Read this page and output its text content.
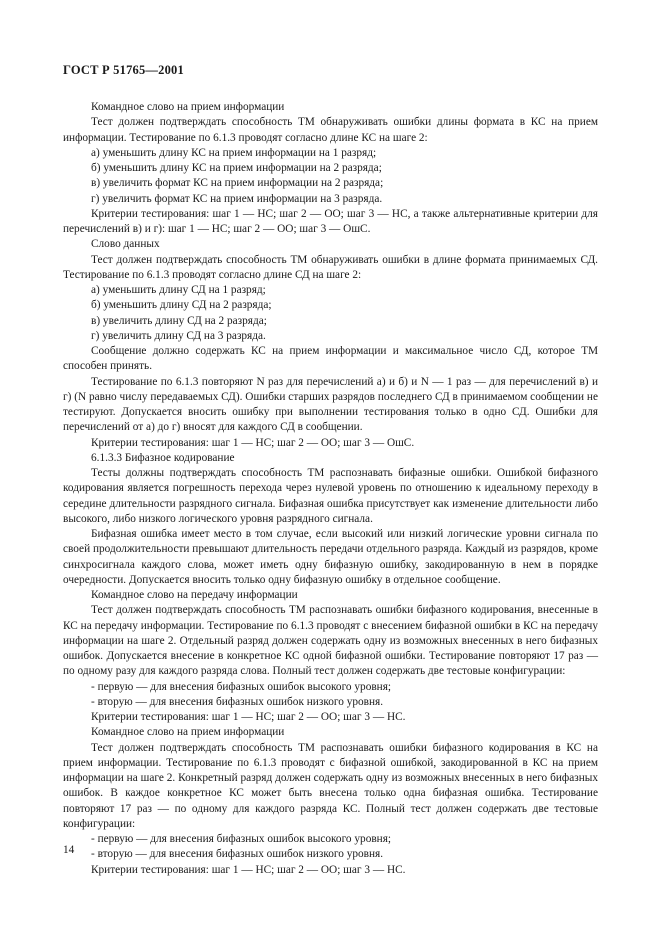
ГОСТ Р 51765—2001

Командное слово на прием информации

Тест должен подтверждать способность ТМ обнаруживать ошибки длины формата в КС на прием информации. Тестирование по 6.1.3 проводят согласно длине КС на шаге 2:

а) уменьшить длину КС на прием информации на 1 разряд;

б) уменьшить длину КС на прием информации на 2 разряда;

в) увеличить формат КС на прием информации на 2 разряда;

г) увеличить формат КС на прием информации на 3 разряда.

Критерии тестирования: шаг 1 — НС; шаг 2 — ОО; шаг 3 — НС, а также альтернативные критерии для перечислений в) и г): шаг 1 — НС; шаг 2 — ОО; шаг 3 — ОшС.

Слово данных

Тест должен подтверждать способность ТМ обнаруживать ошибки в длине формата принимаемых СД. Тестирование по 6.1.3 проводят согласно длине СД на шаге 2:

а) уменьшить длину СД на 1 разряд;

б) уменьшить длину СД на 2 разряда;

в) увеличить длину СД на 2 разряда;

г) увеличить длину СД на 3 разряда.

Сообщение должно содержать КС на прием информации и максимальное число СД, которое ТМ способен принять.

Тестирование по 6.1.3 повторяют N раз для перечислений а) и б) и N — 1 раз — для перечислений в) и г) (N равно числу передаваемых СД). Ошибки старших разрядов последнего СД в принимаемом сообщении не тестируют. Допускается вносить ошибку при выполнении тестирования только в одно СД. Ошибки для перечислений от а) до г) вносят для каждого СД в сообщении.

Критерии тестирования: шаг 1 — НС; шаг 2 — ОО; шаг 3 — ОшС.

6.1.3.3 Бифазное кодирование

Тесты должны подтверждать способность ТМ распознавать бифазные ошибки. Ошибкой бифазного кодирования является погрешность перехода через нулевой уровень по отношению к идеальному переходу в середине длительности разрядного сигнала. Бифазная ошибка присутствует как изменение длительности либо высокого, либо низкого логического уровня разрядного сигнала.

Бифазная ошибка имеет место в том случае, если высокий или низкий логические уровни сигнала по своей продолжительности превышают длительность передачи отдельного разряда. Каждый из разрядов, кроме синхросигнала каждого слова, может иметь одну бифазную ошибку, закодированную в нем в порядке очередности. Допускается вносить только одну бифазную ошибку в отдельное сообщение.

Командное слово на передачу информации

Тест должен подтверждать способность ТМ распознавать ошибки бифазного кодирования, внесенные в КС на передачу информации. Тестирование по 6.1.3 проводят с внесением бифазной ошибки в КС на передачу информации на шаге 2. Отдельный разряд должен содержать одну из возможных внесенных в него бифазных ошибок. Допускается внесение в конкретное КС одной бифазной ошибки. Тестирование повторяют 17 раз — по одному разу для каждого разряда слова. Полный тест должен содержать две тестовые конфигурации:

- первую — для внесения бифазных ошибок высокого уровня;

- вторую — для внесения бифазных ошибок низкого уровня.

Критерии тестирования: шаг 1 — НС; шаг 2 — ОО; шаг 3 — НС.

Командное слово на прием информации

Тест должен подтверждать способность ТМ распознавать ошибки бифазного кодирования в КС на прием информации. Тестирование по 6.1.3 проводят с бифазной ошибкой, закодированной в КС на прием информации на шаге 2. Конкретный разряд должен содержать одну из возможных внесенных в него бифазных ошибок. В каждое конкретное КС может быть внесена только одна бифазная ошибка. Тестирование повторяют 17 раз — по одному для каждого разряда КС. Полный тест должен содержать две тестовые конфигурации:

- первую — для внесения бифазных ошибок высокого уровня;

- вторую — для внесения бифазных ошибок низкого уровня.

Критерии тестирования: шаг 1 — НС; шаг 2 — ОО; шаг 3 — НС.

14
